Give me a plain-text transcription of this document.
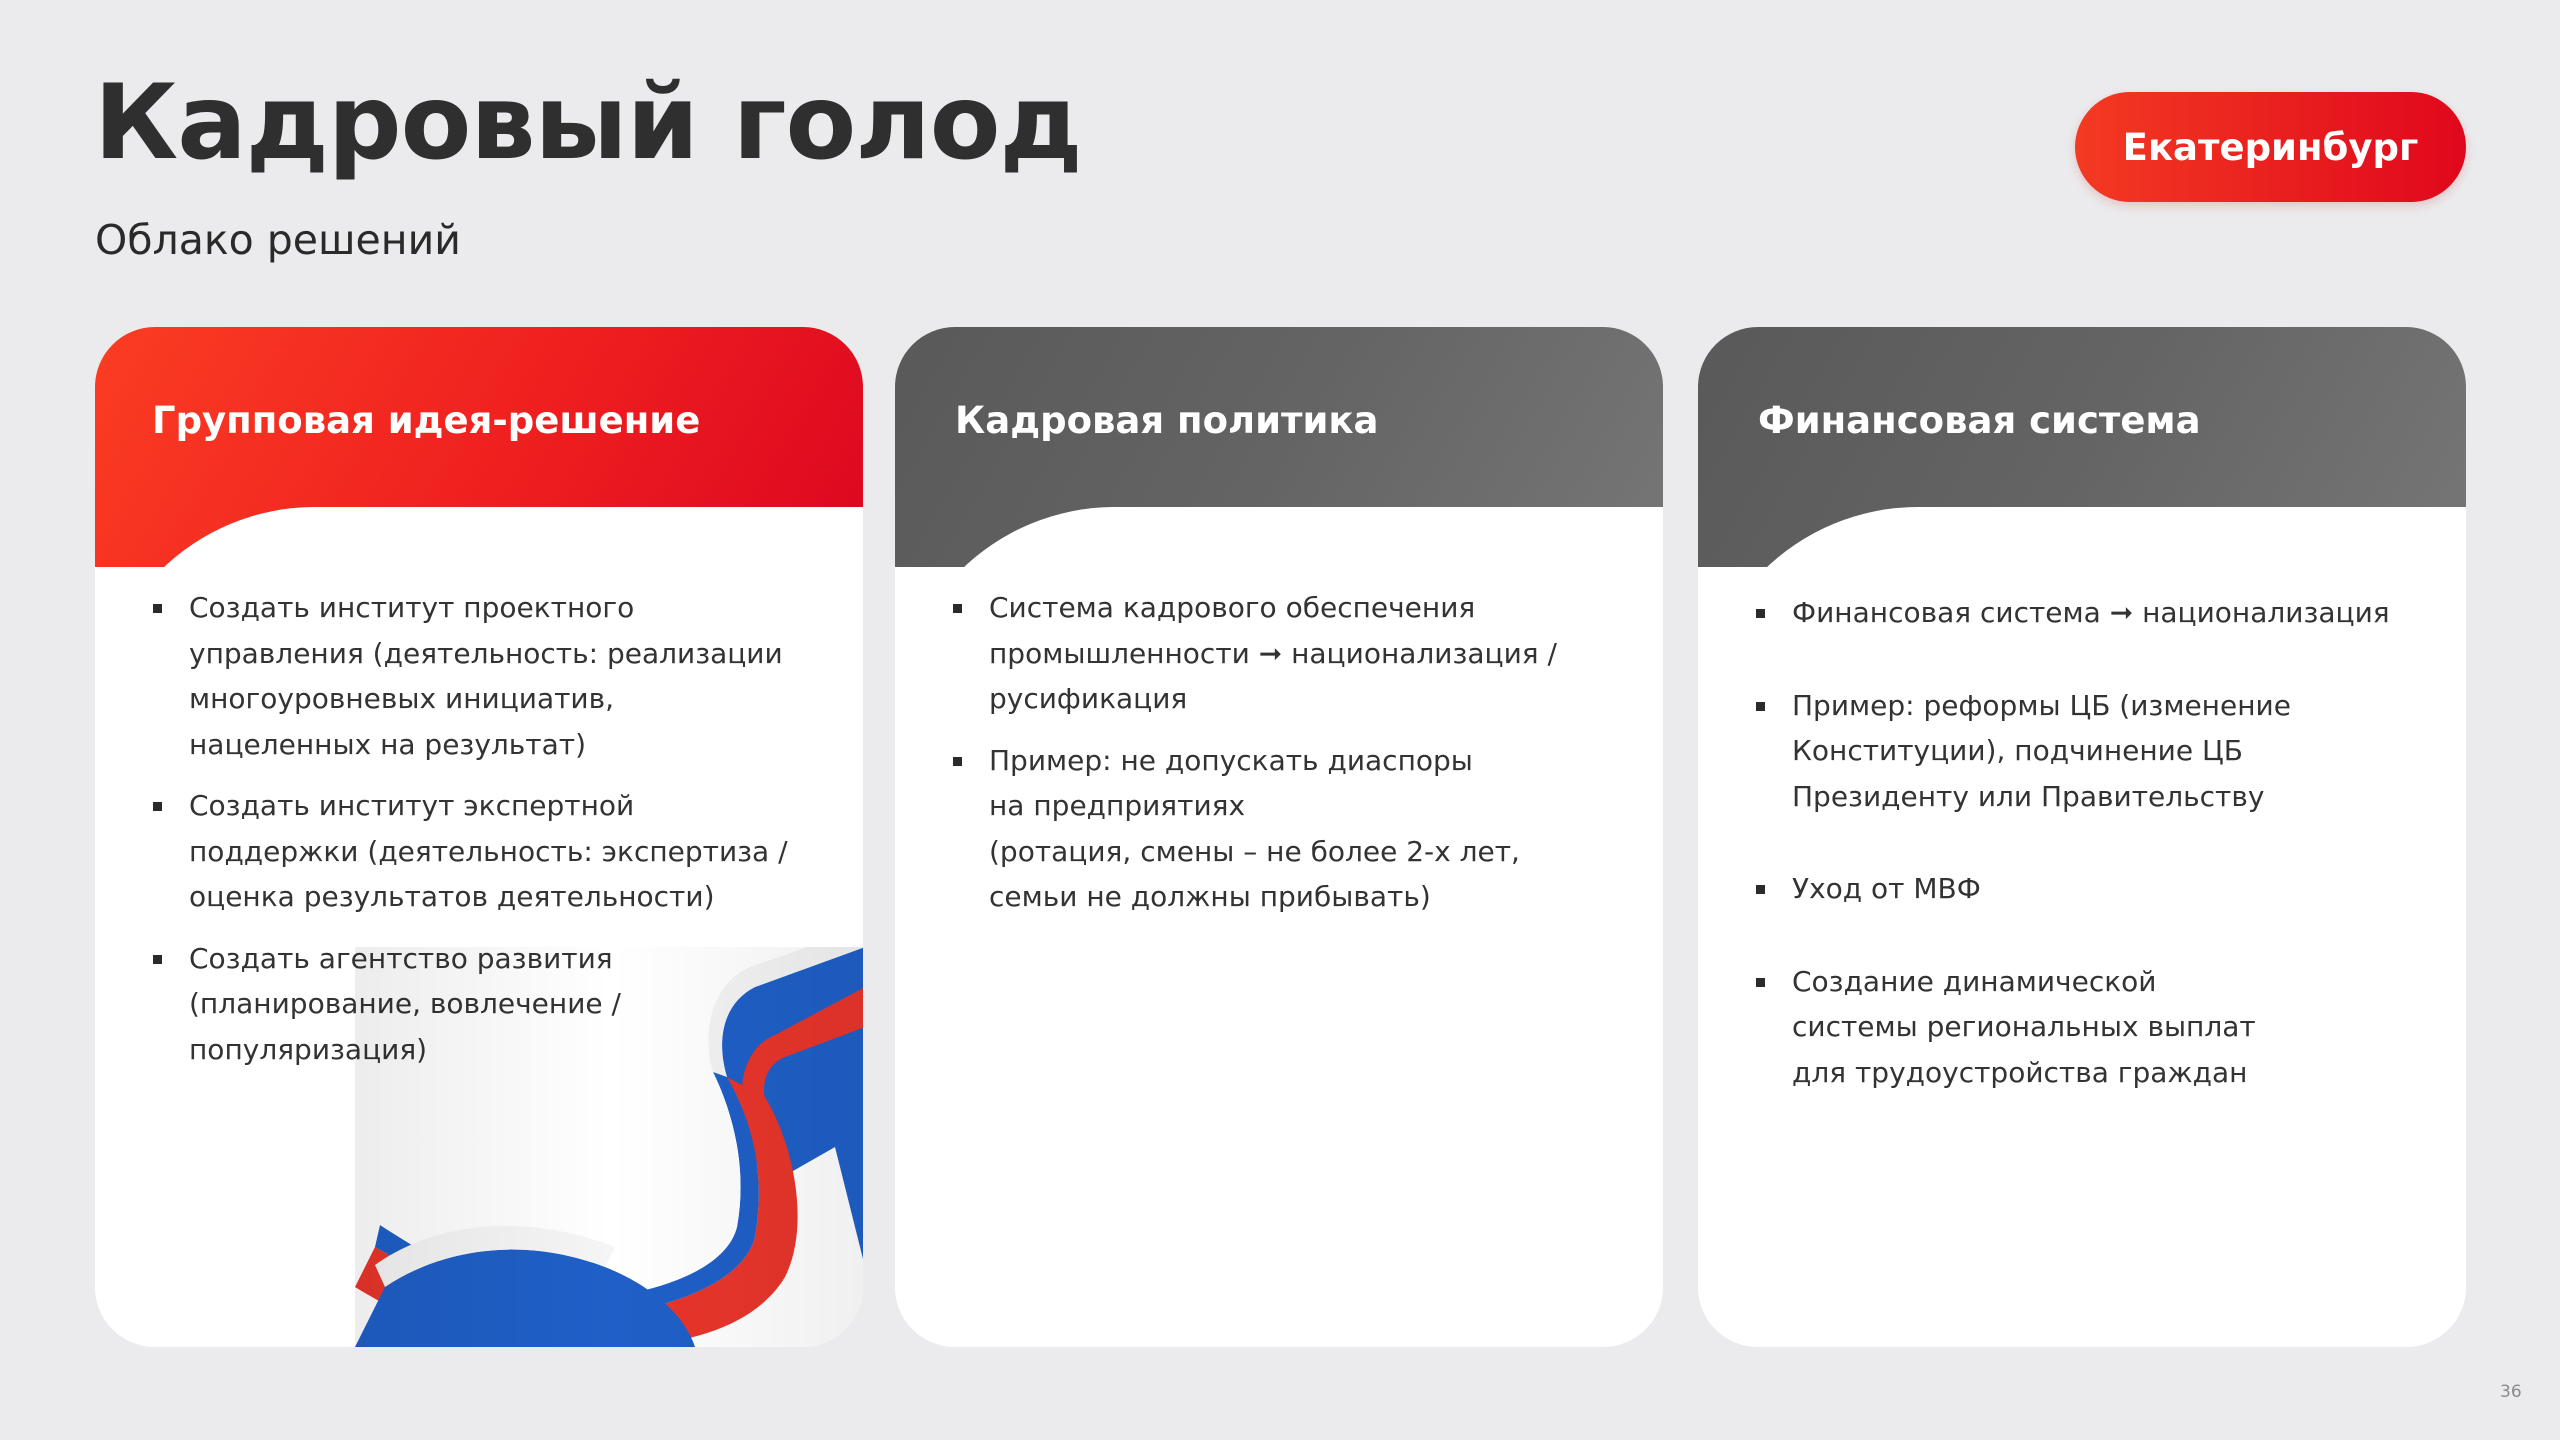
Кадровый голод
Облако решений
Екатеринбург
Групповая идея-решение
Создать институт проектного
управления (деятельность: реализации
многоуровневых инициатив,
нацеленных на результат)
Создать институт экспертной
поддержки (деятельность: экспертиза /
оценка результатов деятельности)
Создать агентство развития
(планирование, вовлечение /
популяризация)
Кадровая политика
Система кадрового обеспечения
промышленности ➞ национализация /
русификация
Пример: не допускать диаспоры
на предприятиях
(ротация, смены – не более 2-х лет,
семьи не должны прибывать)
Финансовая система
Финансовая система ➞ национализация
Пример: реформы ЦБ (изменение
Конституции), подчинение ЦБ
Президенту или Правительству
Уход от МВФ
Создание динамической
системы региональных выплат
для трудоустройства граждан
36
